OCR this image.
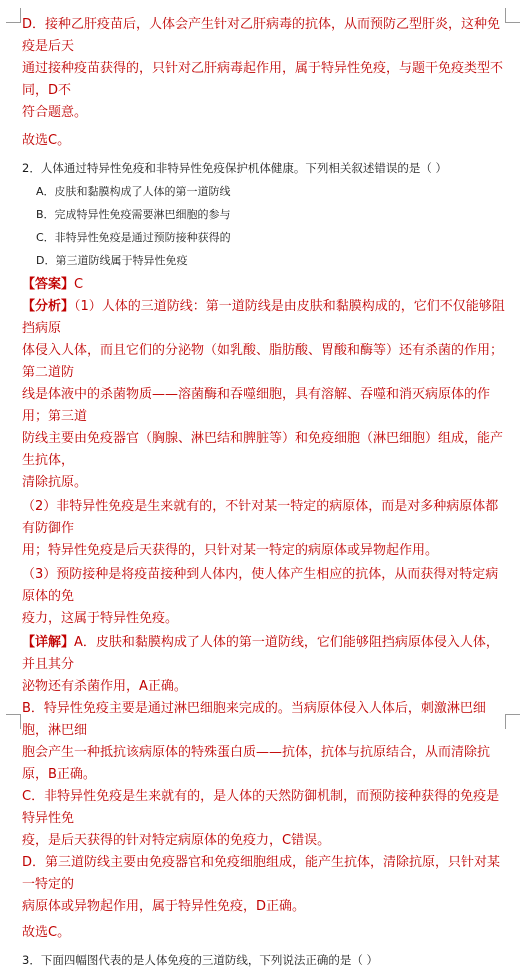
D．接种乙肝疫苗后，人体会产生针对乙肝病毒的抗体，从而预防乙型肝炎，这种免疫是后天

通过接种疫苗获得的，只针对乙肝病毒起作用，属于特异性免疫，与题干免疫类型不同，D不

符合题意。

故选C。

2．人体通过特异性免疫和非特异性免疫保护机体健康。下列相关叙述错误的是（ ）

A．皮肤和黏膜构成了人体的第一道防线

B．完成特异性免疫需要淋巴细胞的参与

C．非特异性免疫是通过预防接种获得的

D．第三道防线属于特异性免疫

【答案】C

【分析】（1）人体的三道防线：第一道防线是由皮肤和黏膜构成的，它们不仅能够阻挡病原

体侵入人体，而且它们的分泌物（如乳酸、脂肪酸、胃酸和酶等）还有杀菌的作用；第二道防

线是体液中的杀菌物质——溶菌酶和吞噬细胞，具有溶解、吞噬和消灭病原体的作用；第三道

防线主要由免疫器官（胸腺、淋巴结和脾脏等）和免疫细胞（淋巴细胞）组成，能产生抗体，

清除抗原。

（2）非特异性免疫是生来就有的，不针对某一特定的病原体，而是对多种病原体都有防御作

用；特异性免疫是后天获得的，只针对某一特定的病原体或异物起作用。

（3）预防接种是将疫苗接种到人体内，使人体产生相应的抗体，从而获得对特定病原体的免

疫力，这属于特异性免疫。

【详解】A．皮肤和黏膜构成了人体的第一道防线，它们能够阻挡病原体侵入人体，并且其分

泌物还有杀菌作用，A正确。

B．特异性免疫主要是通过淋巴细胞来完成的。当病原体侵入人体后，刺激淋巴细胞，淋巴细

胞会产生一种抵抗该病原体的特殊蛋白质——抗体，抗体与抗原结合，从而清除抗原，B正确。

C．非特异性免疫是生来就有的，是人体的天然防御机制，而预防接种获得的免疫是特异性免

疫，是后天获得的针对特定病原体的免疫力，C错误。

D．第三道防线主要由免疫器官和免疫细胞组成，能产生抗体，清除抗原，只针对某一特定的

病原体或异物起作用，属于特异性免疫，D正确。

故选C。

3．下面四幅图代表的是人体免疫的三道防线，下列说法正确的是（ ）
